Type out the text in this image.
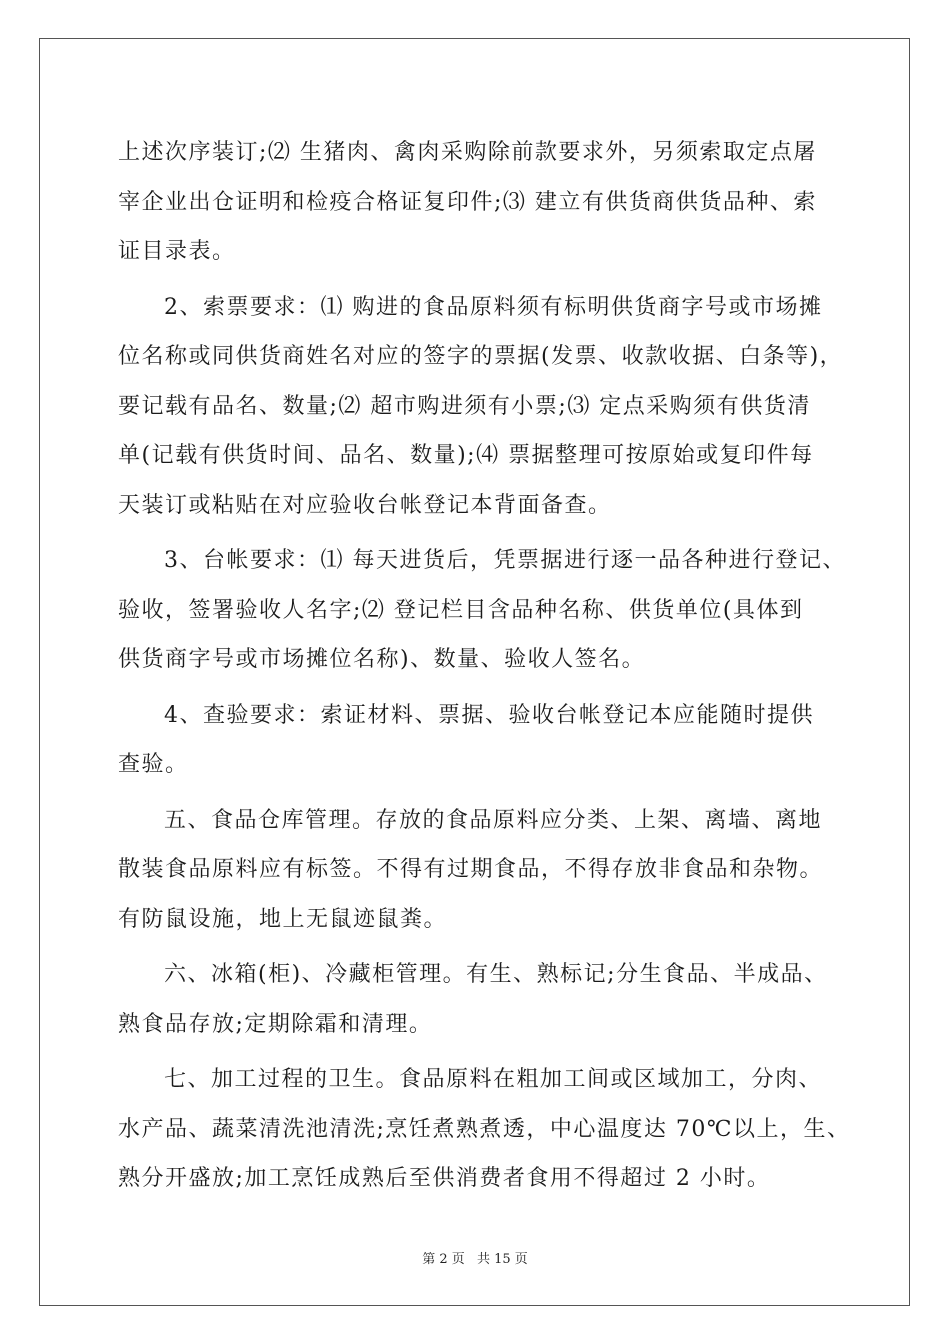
上述次序装订;⑵ 生猪肉、禽肉采购除前款要求外，另须索取定点屠
宰企业出仓证明和检疫合格证复印件;⑶ 建立有供货商供货品种、索
证目录表。
2、索票要求：⑴ 购进的食品原料须有标明供货商字号或市场摊
位名称或同供货商姓名对应的签字的票据(发票、收款收据、白条等)，
要记载有品名、数量;⑵ 超市购进须有小票;⑶ 定点采购须有供货清
单(记载有供货时间、品名、数量);⑷ 票据整理可按原始或复印件每
天装订或粘贴在对应验收台帐登记本背面备查。
3、台帐要求：⑴ 每天进货后，凭票据进行逐一品各种进行登记、
验收，签署验收人名字;⑵ 登记栏目含品种名称、供货单位(具体到
供货商字号或市场摊位名称)、数量、验收人签名。
4、查验要求：索证材料、票据、验收台帐登记本应能随时提供
查验。
五、食品仓库管理。存放的食品原料应分类、上架、离墙、离地
散装食品原料应有标签。不得有过期食品，不得存放非食品和杂物。
有防鼠设施，地上无鼠迹鼠粪。
六、冰箱(柜)、冷藏柜管理。有生、熟标记;分生食品、半成品、
熟食品存放;定期除霜和清理。
七、加工过程的卫生。食品原料在粗加工间或区域加工，分肉、
水产品、蔬菜清洗池清洗;烹饪煮熟煮透，中心温度达 70℃以上，生、
熟分开盛放;加工烹饪成熟后至供消费者食用不得超过 2 小时。
第 2 页 共 15 页
